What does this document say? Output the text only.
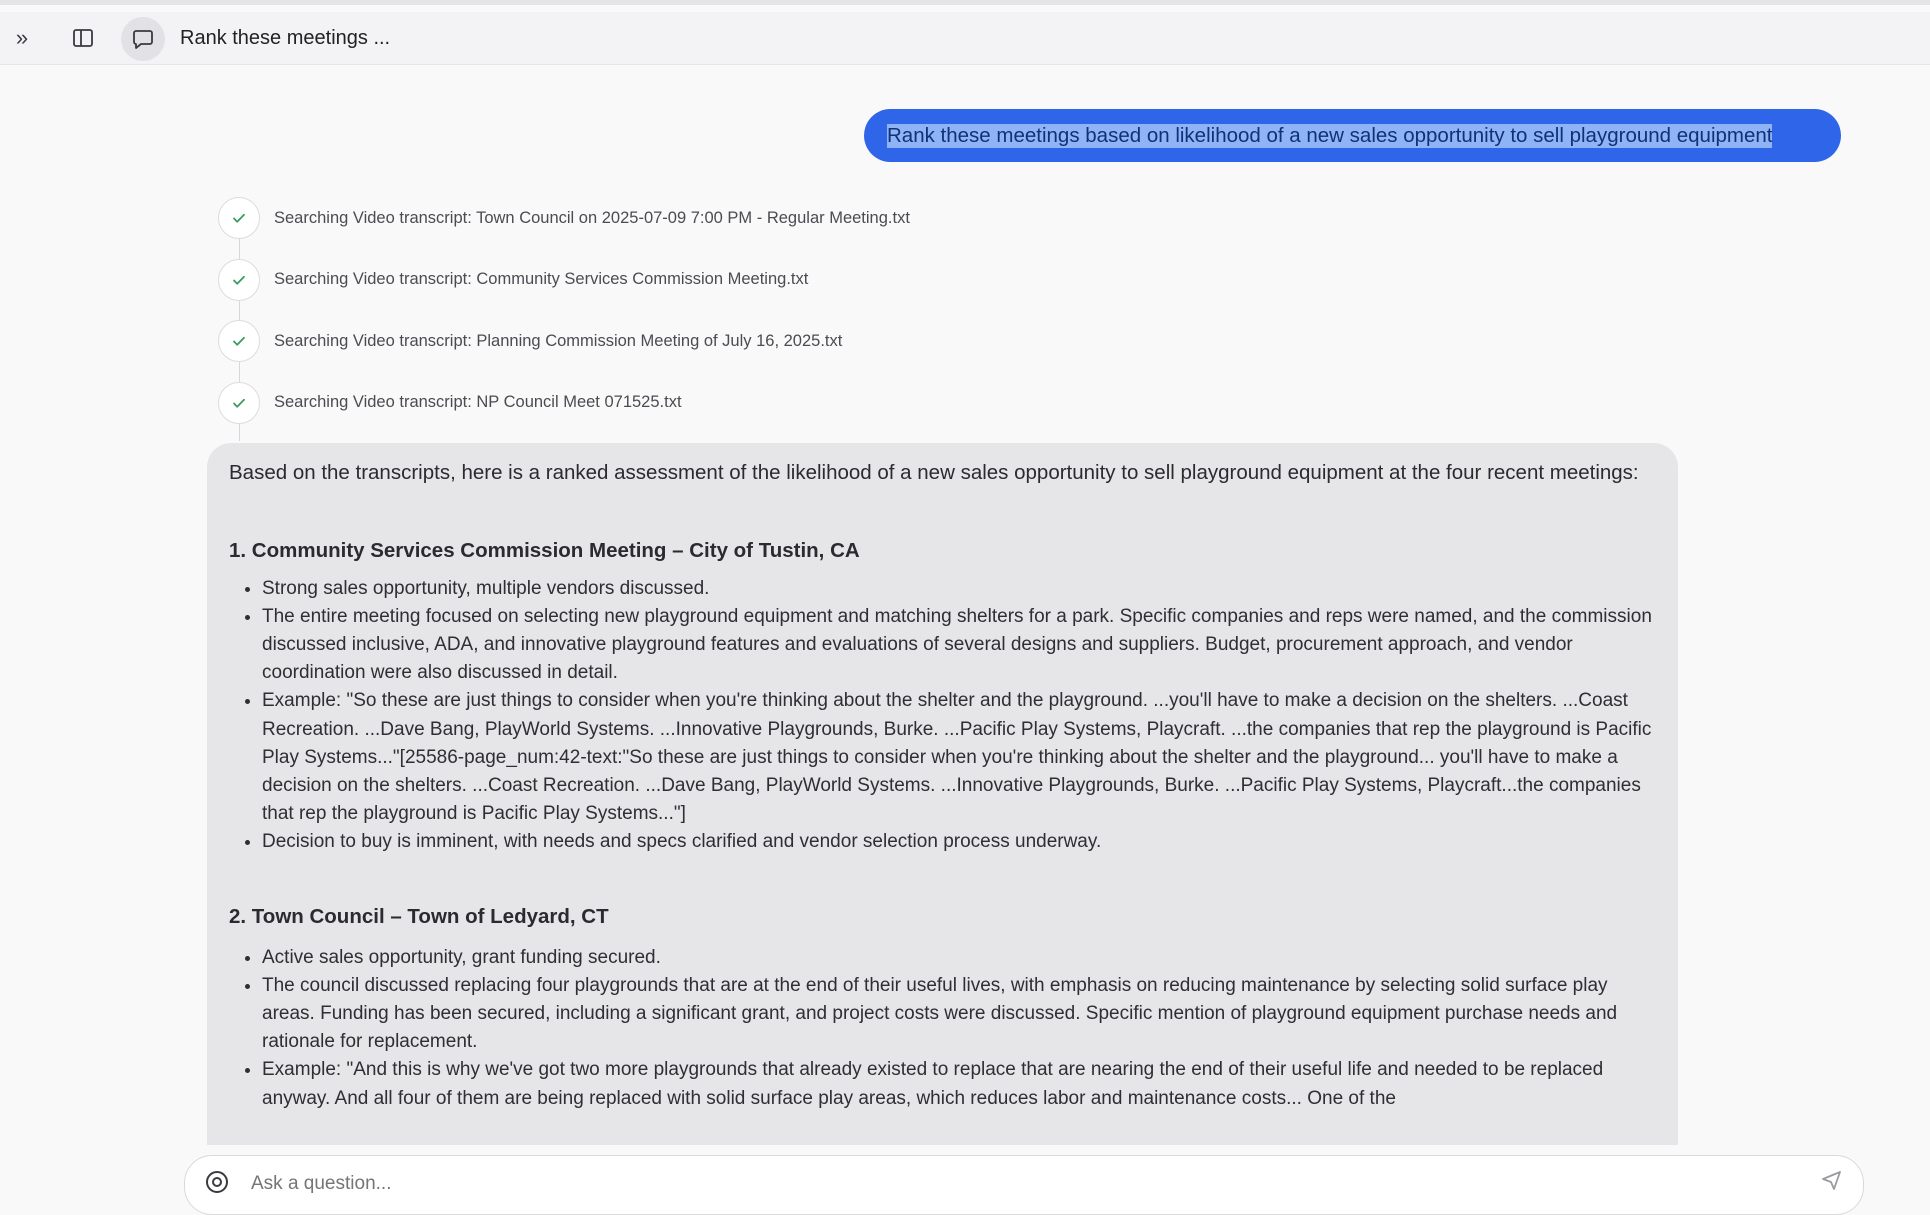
»	Rank these meetings ...
Rank these meetings based on likelihood of a new sales opportunity to sell playground equipment
Searching Video transcript: Town Council on 2025-07-09 7:00 PM - Regular Meeting.txt
Searching Video transcript: Community Services Commission Meeting.txt
Searching Video transcript: Planning Commission Meeting of July 16, 2025.txt
Searching Video transcript: NP Council Meet 071525.txt

Based on the transcripts, here is a ranked assessment of the likelihood of a new sales opportunity to sell playground equipment at the four recent meetings:

1. Community Services Commission Meeting – City of Tustin, CA
• Strong sales opportunity, multiple vendors discussed.
• The entire meeting focused on selecting new playground equipment and matching shelters for a park. Specific companies and reps were named, and the commission discussed inclusive, ADA, and innovative playground features and evaluations of several designs and suppliers. Budget, procurement approach, and vendor coordination were also discussed in detail.
• Example: "So these are just things to consider when you're thinking about the shelter and the playground. ...you'll have to make a decision on the shelters. ...Coast Recreation. ...Dave Bang, PlayWorld Systems. ...Innovative Playgrounds, Burke. ...Pacific Play Systems, Playcraft. ...the companies that rep the playground is Pacific Play Systems..."[25586-page_num:42-text:"So these are just things to consider when you're thinking about the shelter and the playground... you'll have to make a decision on the shelters. ...Coast Recreation. ...Dave Bang, PlayWorld Systems. ...Innovative Playgrounds, Burke. ...Pacific Play Systems, Playcraft...the companies that rep the playground is Pacific Play Systems..."]
• Decision to buy is imminent, with needs and specs clarified and vendor selection process underway.
2. Town Council – Town of Ledyard, CT
• Active sales opportunity, grant funding secured.
• The council discussed replacing four playgrounds that are at the end of their useful lives, with emphasis on reducing maintenance by selecting solid surface play areas. Funding has been secured, including a significant grant, and project costs were discussed. Specific mention of playground equipment purchase needs and rationale for replacement.
• Example: "And this is why we've got two more playgrounds that already existed to replace that are nearing the end of their useful life and needed to be replaced anyway. And all four of them are being replaced with solid surface play areas, which reduces labor and maintenance costs... One of the
Ask a question...
